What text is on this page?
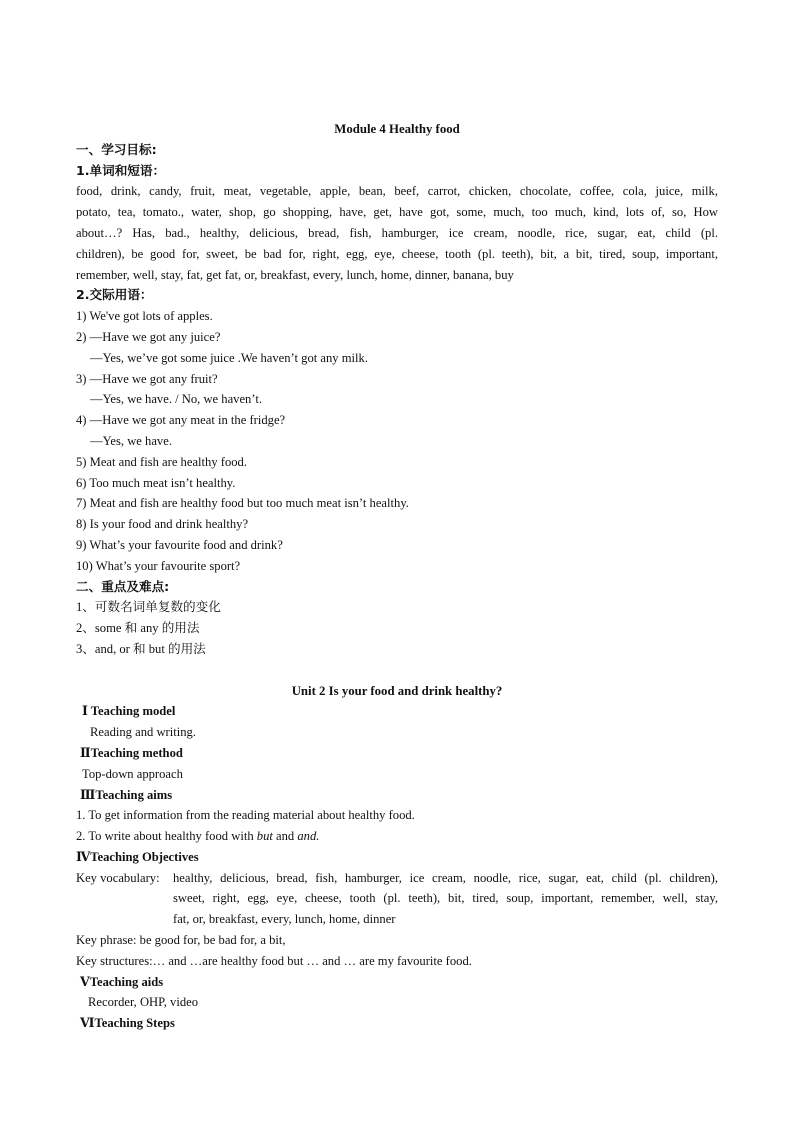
Module 4 Healthy food
一、学习目标:
1.单词和短语：
food, drink, candy, fruit, meat, vegetable, apple, bean, beef, carrot, chicken, chocolate, coffee, cola, juice, milk,
potato, tea, tomato., water, shop, go shopping, have, get, have got, some, much, too much, kind, lots of, so, How
about…? Has, bad., healthy, delicious, bread, fish, hamburger, ice cream, noodle, rice, sugar, eat, child (pl.
children), be good for, sweet, be bad for, right, egg, eye, cheese, tooth (pl. teeth), bit, a bit, tired, soup, important,
remember, well, stay, fat, get fat, or, breakfast, every, lunch, home, dinner, banana, buy
2.交际用语：
1) We've got lots of apples.
2) —Have we got any juice?
—Yes, we’ve got some juice .We haven’t got any milk.
3) —Have we got any fruit?
—Yes, we have. / No, we haven’t.
4) —Have we got any meat in the fridge?
—Yes, we have.
5) Meat and fish are healthy food.
6) Too much meat isn’t healthy.
7) Meat and fish are healthy food but too much meat isn’t healthy.
8) Is your food and drink healthy?
9) What’s your favourite food and drink?
10) What’s your favourite sport?
二、重点及难点:
1、可数名词单复数的变化
2、some 和 any 的用法
3、and, or 和 but 的用法
Unit 2 Is your food and drink healthy?
Ⅰ Teaching model
Reading and writing.
ⅡTeaching method
Top-down approach
ⅢTeaching aims
1. To get information from the reading material about healthy food.
2. To write about healthy food with but and and.
ⅣTeaching Objectives
Key vocabulary:	healthy, delicious, bread, fish, hamburger, ice cream, noodle, rice, sugar, eat, child (pl. children),
sweet, right, egg, eye, cheese, tooth (pl. teeth), bit, tired, soup, important, remember, well, stay,
fat, or, breakfast, every, lunch, home, dinner
Key phrase: be good for, be bad for, a bit,
Key structures:… and …are healthy food but … and … are my favourite food.
ⅤTeaching aids
Recorder, OHP, video
ⅥTeaching Steps
